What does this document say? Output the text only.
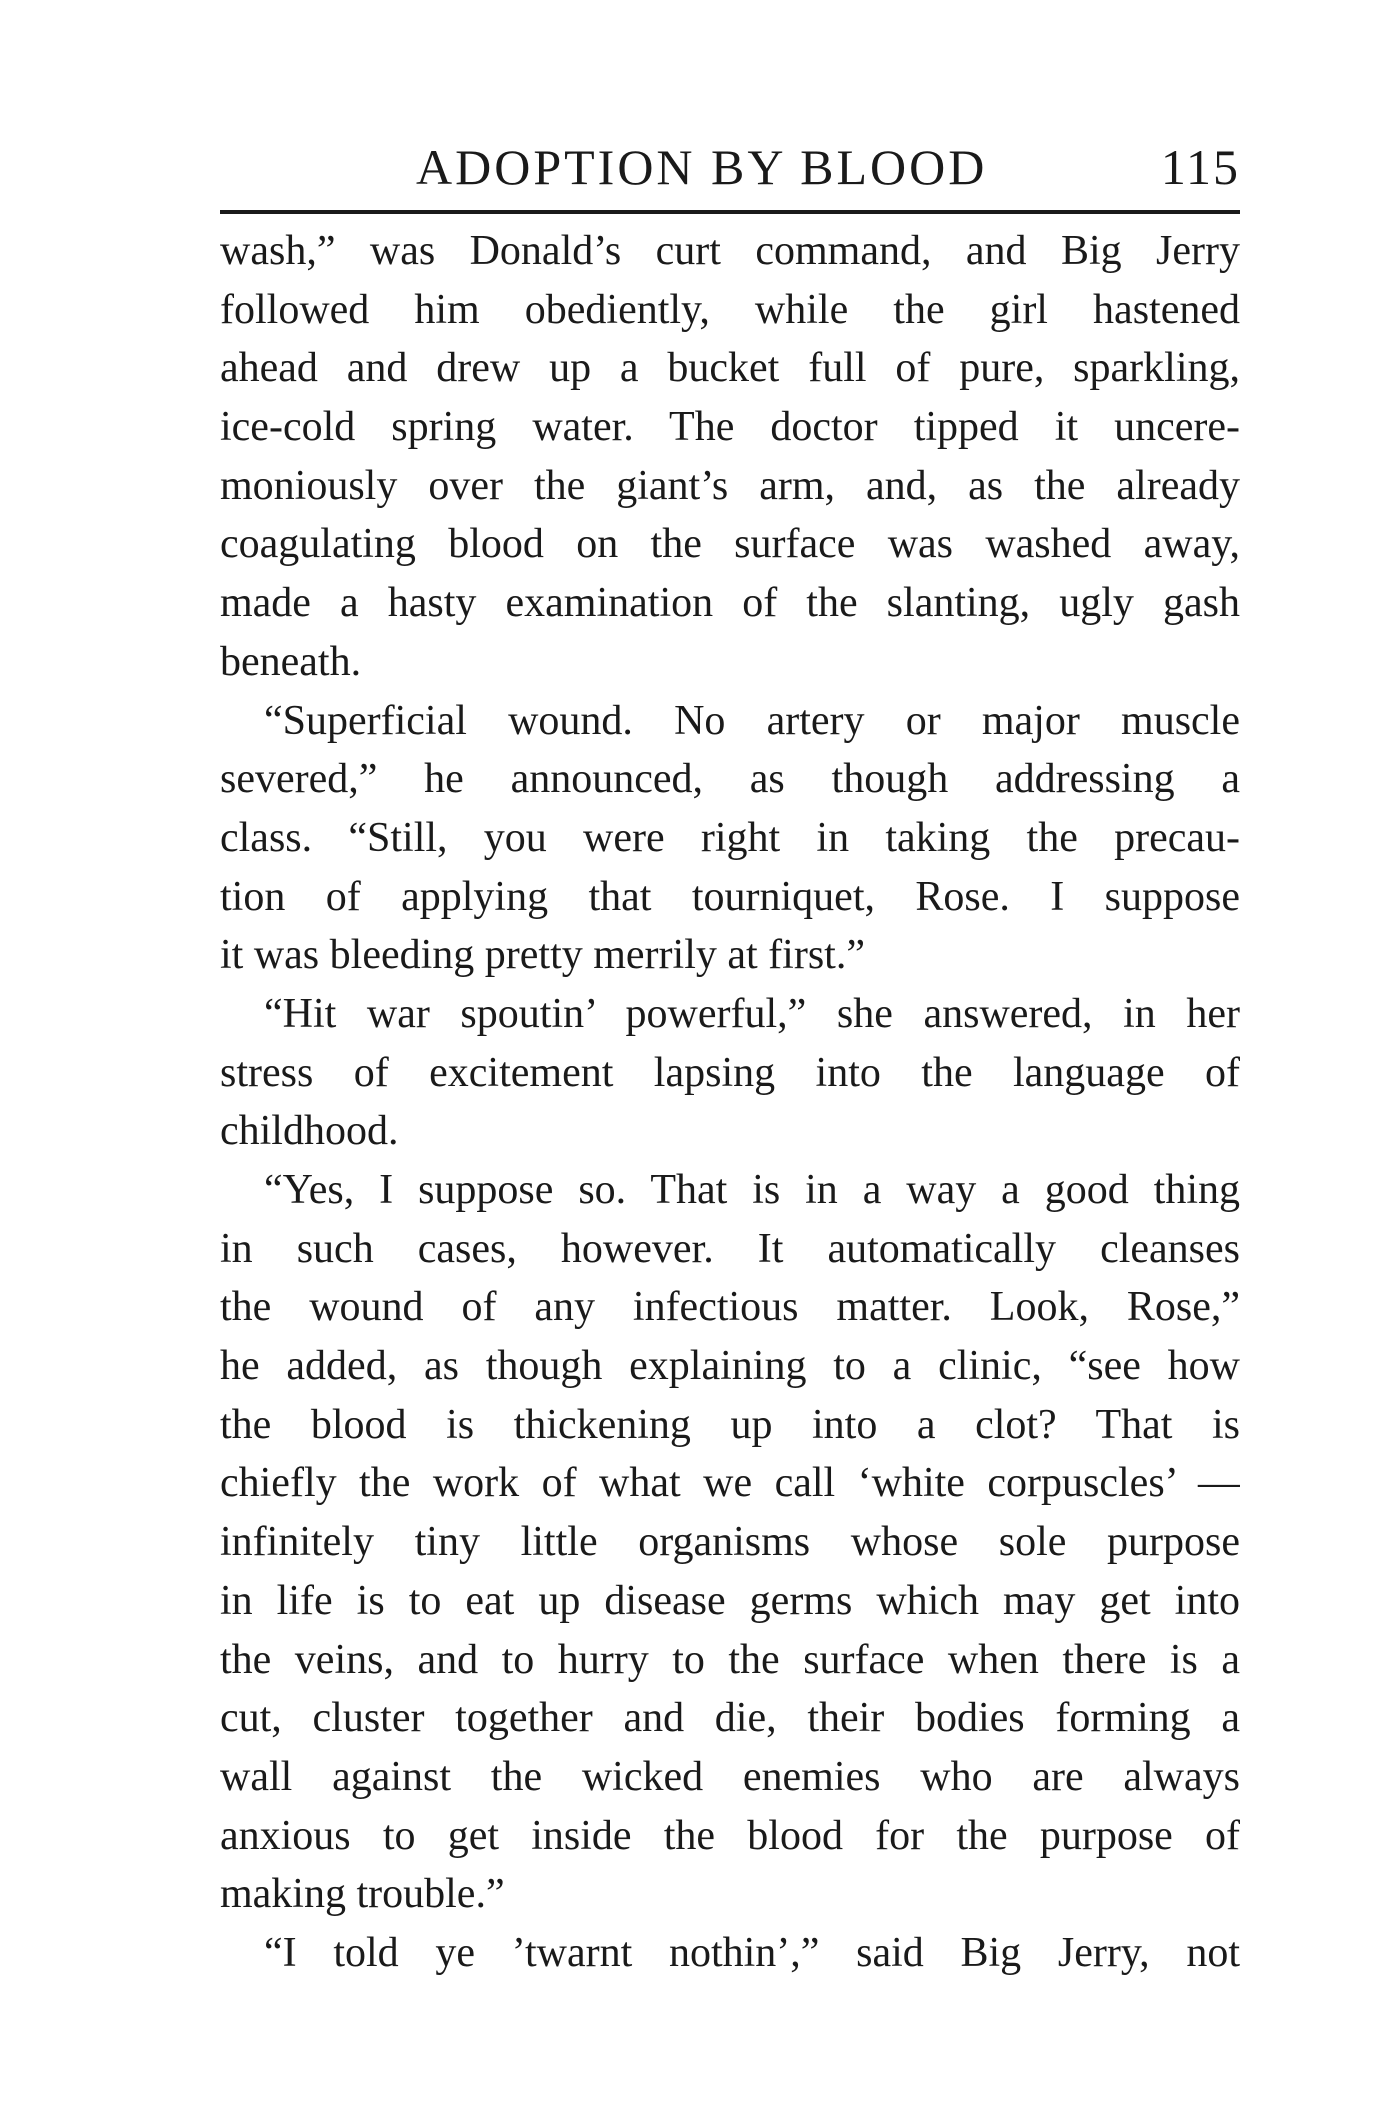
ADOPTION BY BLOOD	115
wash,” was Donald’s curt command, and Big Jerry
followed him obediently, while the girl hastened
ahead and drew up a bucket full of pure, sparkling,
ice-cold spring water. The doctor tipped it uncere-
moniously over the giant’s arm, and, as the already
coagulating blood on the surface was washed away,
made a hasty examination of the slanting, ugly gash
beneath.
“Superficial wound. No artery or major muscle
severed,” he announced, as though addressing a
class. “Still, you were right in taking the precau-
tion of applying that tourniquet, Rose. I suppose
it was bleeding pretty merrily at first.”
“Hit war spoutin’ powerful,” she answered, in her
stress of excitement lapsing into the language of
childhood.
“Yes, I suppose so. That is in a way a good thing
in such cases, however. It automatically cleanses
the wound of any infectious matter. Look, Rose,”
he added, as though explaining to a clinic, “see how
the blood is thickening up into a clot? That is
chiefly the work of what we call ‘white corpuscles’ —
infinitely tiny little organisms whose sole purpose
in life is to eat up disease germs which may get into
the veins, and to hurry to the surface when there is a
cut, cluster together and die, their bodies forming a
wall against the wicked enemies who are always
anxious to get inside the blood for the purpose of
making trouble.”
“I told ye ’twarnt nothin’,” said Big Jerry, not
